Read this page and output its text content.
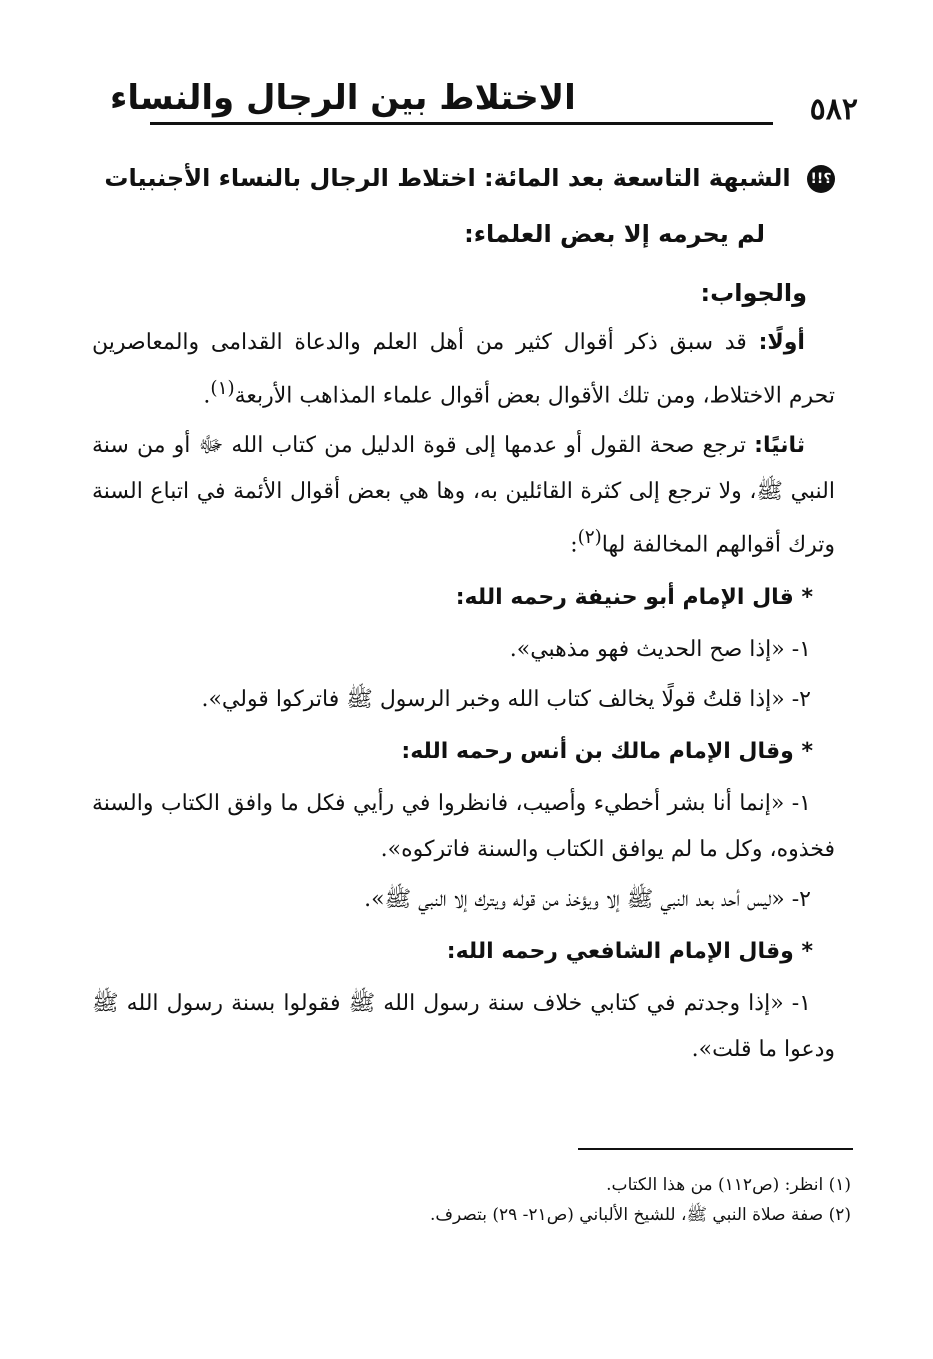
٥٨٢
الاختلاط بين الرجال والنساء
؟!! الشبهة التاسعة بعد المائة: اختلاط الرجال بالنساء الأجنبيات
لم يحرمه إلا بعض العلماء:
والجواب:

أولًا: قد سبق ذكر أقوال كثير من أهل العلم والدعاة القدامى والمعاصرين تحرم الاختلاط، ومن تلك الأقوال بعض أقوال علماء المذاهب الأربعة$^{(١)}$.

ثانيًا: ترجع صحة القول أو عدمها إلى قوة الدليل من كتاب الله ﷻ أو من سنة النبي ﷺ، ولا ترجع إلى كثرة القائلين به، وها هي بعض أقوال الأئمة في اتباع السنة وترك أقوالهم المخالفة لها$^{(٢)}$:

* قال الإمام أبو حنيفة رحمه الله:
١- «إذا صح الحديث فهو مذهبي».
٢- «إذا قلتُ قولًا يخالف كتاب الله وخبر الرسول ﷺ فاتركوا قولي».
* وقال الإمام مالك بن أنس رحمه الله:
١- «إنما أنا بشر أخطيء وأصيب، فانظروا في رأيي فكل ما وافق الكتاب والسنة فخذوه، وكل ما لم يوافق الكتاب والسنة فاتركوه».
٢- «ليس أحد بعد النبي ﷺ إلا ويؤخذ من قوله ويترك إلا النبي ﷺ».
* وقال الإمام الشافعي رحمه الله:
١- «إذا وجدتم في كتابي خلاف سنة رسول الله ﷺ فقولوا بسنة رسول الله ﷺ ودعوا ما قلت».
(١) انظر: (ص١١٢) من هذا الكتاب.
(٢) صفة صلاة النبي ﷺ، للشيخ الألباني (ص٢١- ٢٩) بتصرف.
